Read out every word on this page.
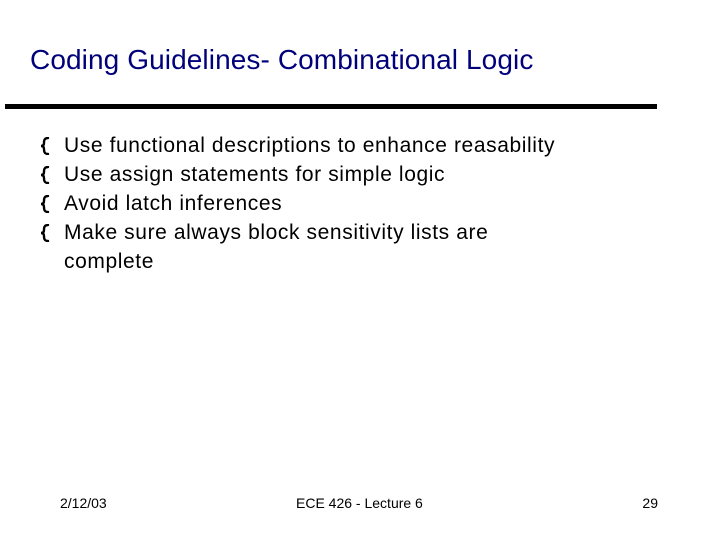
Coding Guidelines- Combinational Logic
Use functional descriptions to enhance reasability
Use assign statements for simple logic
Avoid latch inferences
Make sure always block sensitivity lists are complete
2/12/03	ECE 426 - Lecture 6	29
